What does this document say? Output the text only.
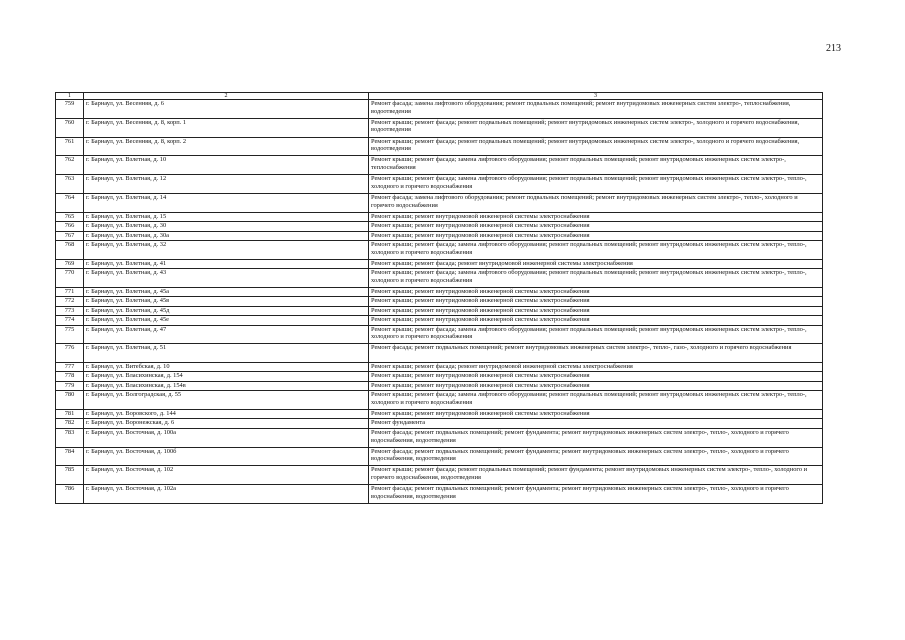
213
1	2	3
759	г. Барнаул, ул. Весенняя, д. 6	Ремонт фасада; замена лифтового оборудования; ремонт подвальных помещений; ремонт внутридомовых инженерных систем электро-, теплоснабжения, водоотведения
760	г. Барнаул, ул. Весенняя, д. 8, корп. 1	Ремонт крыши; ремонт фасада; ремонт подвальных помещений; ремонт внутридомовых инженерных систем электро-, холодного и горячего водоснабжения, водоотведения
761	г. Барнаул, ул. Весенняя, д. 8, корп. 2	Ремонт крыши; ремонт фасада; ремонт подвальных помещений; ремонт внутридомовых инженерных систем электро-, холодного и горячего водоснабжения, водоотведения
762	г. Барнаул, ул. Взлетная, д. 10	Ремонт крыши; ремонт фасада; замена лифтового оборудования; ремонт подвальных помещений; ремонт внутридомовых инженерных систем электро-, теплоснабжения
763	г. Барнаул, ул. Взлетная, д. 12	Ремонт крыши; ремонт фасада; замена лифтового оборудования; ремонт подвальных помещений; ремонт внутридомовых инженерных систем электро-, тепло-, холодного и горячего водоснабжения
764	г. Барнаул, ул. Взлетная, д. 14	Ремонт фасада; замена лифтового оборудования; ремонт подвальных помещений; ремонт внутридомовых инженерных систем электро-, тепло-, холодного и горячего водоснабжения
765	г. Барнаул, ул. Взлетная, д. 15	Ремонт крыши; ремонт внутридомовой инженерной системы электроснабжения
766	г. Барнаул, ул. Взлетная, д. 30	Ремонт крыши; ремонт внутридомовой инженерной системы электроснабжения
767	г. Барнаул, ул. Взлетная, д. 30а	Ремонт крыши; ремонт внутридомовой инженерной системы электроснабжения
768	г. Барнаул, ул. Взлетная, д. 32	Ремонт крыши; ремонт фасада; замена лифтового оборудования; ремонт подвальных помещений; ремонт внутридомовых инженерных систем электро-, тепло-, холодного и горячего водоснабжения
769	г. Барнаул, ул. Взлетная, д. 41	Ремонт крыши; ремонт фасада; ремонт внутридомовой инженерной системы электроснабжения
770	г. Барнаул, ул. Взлетная, д. 43	Ремонт крыши; ремонт фасада; замена лифтового оборудования; ремонт подвальных помещений; ремонт внутридомовых инженерных систем электро-, тепло-, холодного и горячего водоснабжения
771	г. Барнаул, ул. Взлетная, д. 45а	Ремонт крыши; ремонт внутридомовой инженерной системы электроснабжения
772	г. Барнаул, ул. Взлетная, д. 45в	Ремонт крыши; ремонт внутридомовой инженерной системы электроснабжения
773	г. Барнаул, ул. Взлетная, д. 45д	Ремонт крыши; ремонт внутридомовой инженерной системы электроснабжения
774	г. Барнаул, ул. Взлетная, д. 45е	Ремонт крыши; ремонт внутридомовой инженерной системы электроснабжения
775	г. Барнаул, ул. Взлетная, д. 47	Ремонт крыши; ремонт фасада; замена лифтового оборудования; ремонт подвальных помещений; ремонт внутридомовых инженерных систем электро-, тепло-, холодного и горячего водоснабжения
776	г. Барнаул, ул. Взлетная, д. 51	Ремонт фасада; ремонт подвальных помещений; ремонт внутридомовых инженерных систем электро-, тепло-, газо-, холодного и горячего водоснабжения
777	г. Барнаул, ул. Витебская, д. 10	Ремонт крыши; ремонт фасада; ремонт внутридомовой инженерной системы электроснабжения
778	г. Барнаул, ул. Власихинская, д. 154	Ремонт крыши; ремонт внутридомовой инженерной системы электроснабжения
779	г. Барнаул, ул. Власихинская, д. 154в	Ремонт крыши; ремонт внутридомовой инженерной системы электроснабжения
780	г. Барнаул, ул. Волгоградская, д. 55	Ремонт крыши; ремонт фасада; замена лифтового оборудования; ремонт подвальных помещений; ремонт внутридомовых инженерных систем электро-, тепло-, холодного и горячего водоснабжения
781	г. Барнаул, ул. Воровского, д. 144	Ремонт крыши; ремонт внутридомовой инженерной системы электроснабжения
782	г. Барнаул, ул. Воронежская, д. 6	Ремонт фундамента
783	г. Барнаул, ул. Восточная, д. 100а	Ремонт фасада; ремонт подвальных помещений; ремонт фундамента; ремонт внутридомовых инженерных систем электро-, тепло-, холодного и горячего водоснабжения, водоотведения
784	г. Барнаул, ул. Восточная, д. 100б	Ремонт фасада; ремонт подвальных помещений; ремонт фундамента; ремонт внутридомовых инженерных систем электро-, тепло-, холодного и горячего водоснабжения, водоотведения
785	г. Барнаул, ул. Восточная, д. 102	Ремонт крыши; ремонт фасада; ремонт подвальных помещений; ремонт фундамента; ремонт внутридомовых инженерных систем электро-, тепло-, холодного и горячего водоснабжения, водоотведения
786	г. Барнаул, ул. Восточная, д. 102а	Ремонт фасада; ремонт подвальных помещений; ремонт фундамента; ремонт внутридомовых инженерных систем электро-, тепло-, холодного и горячего водоснабжения, водоотведения
